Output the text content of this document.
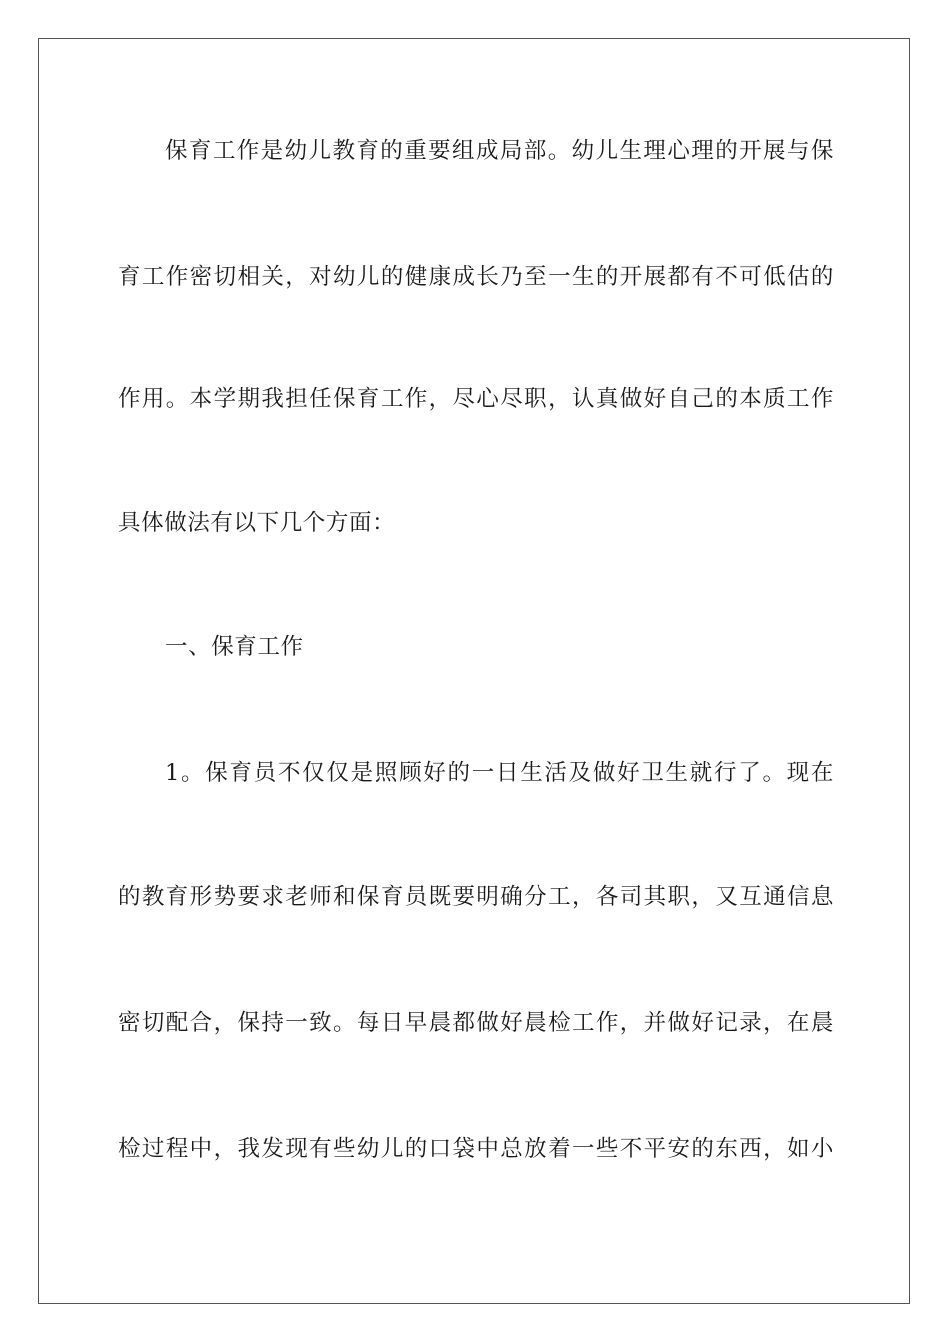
保育工作是幼儿教育的重要组成局部。幼儿生理心理的开展与保
育工作密切相关，对幼儿的健康成长乃至一生的开展都有不可低估的
作用。本学期我担任保育工作，尽心尽职，认真做好自己的本质工作
具体做法有以下几个方面：
一、保育工作
1。保育员不仅仅是照顾好的一日生活及做好卫生就行了。现在
的教育形势要求老师和保育员既要明确分工，各司其职，又互通信息
密切配合，保持一致。每日早晨都做好晨检工作，并做好记录，在晨
检过程中，我发现有些幼儿的口袋中总放着一些不平安的东西，如小
